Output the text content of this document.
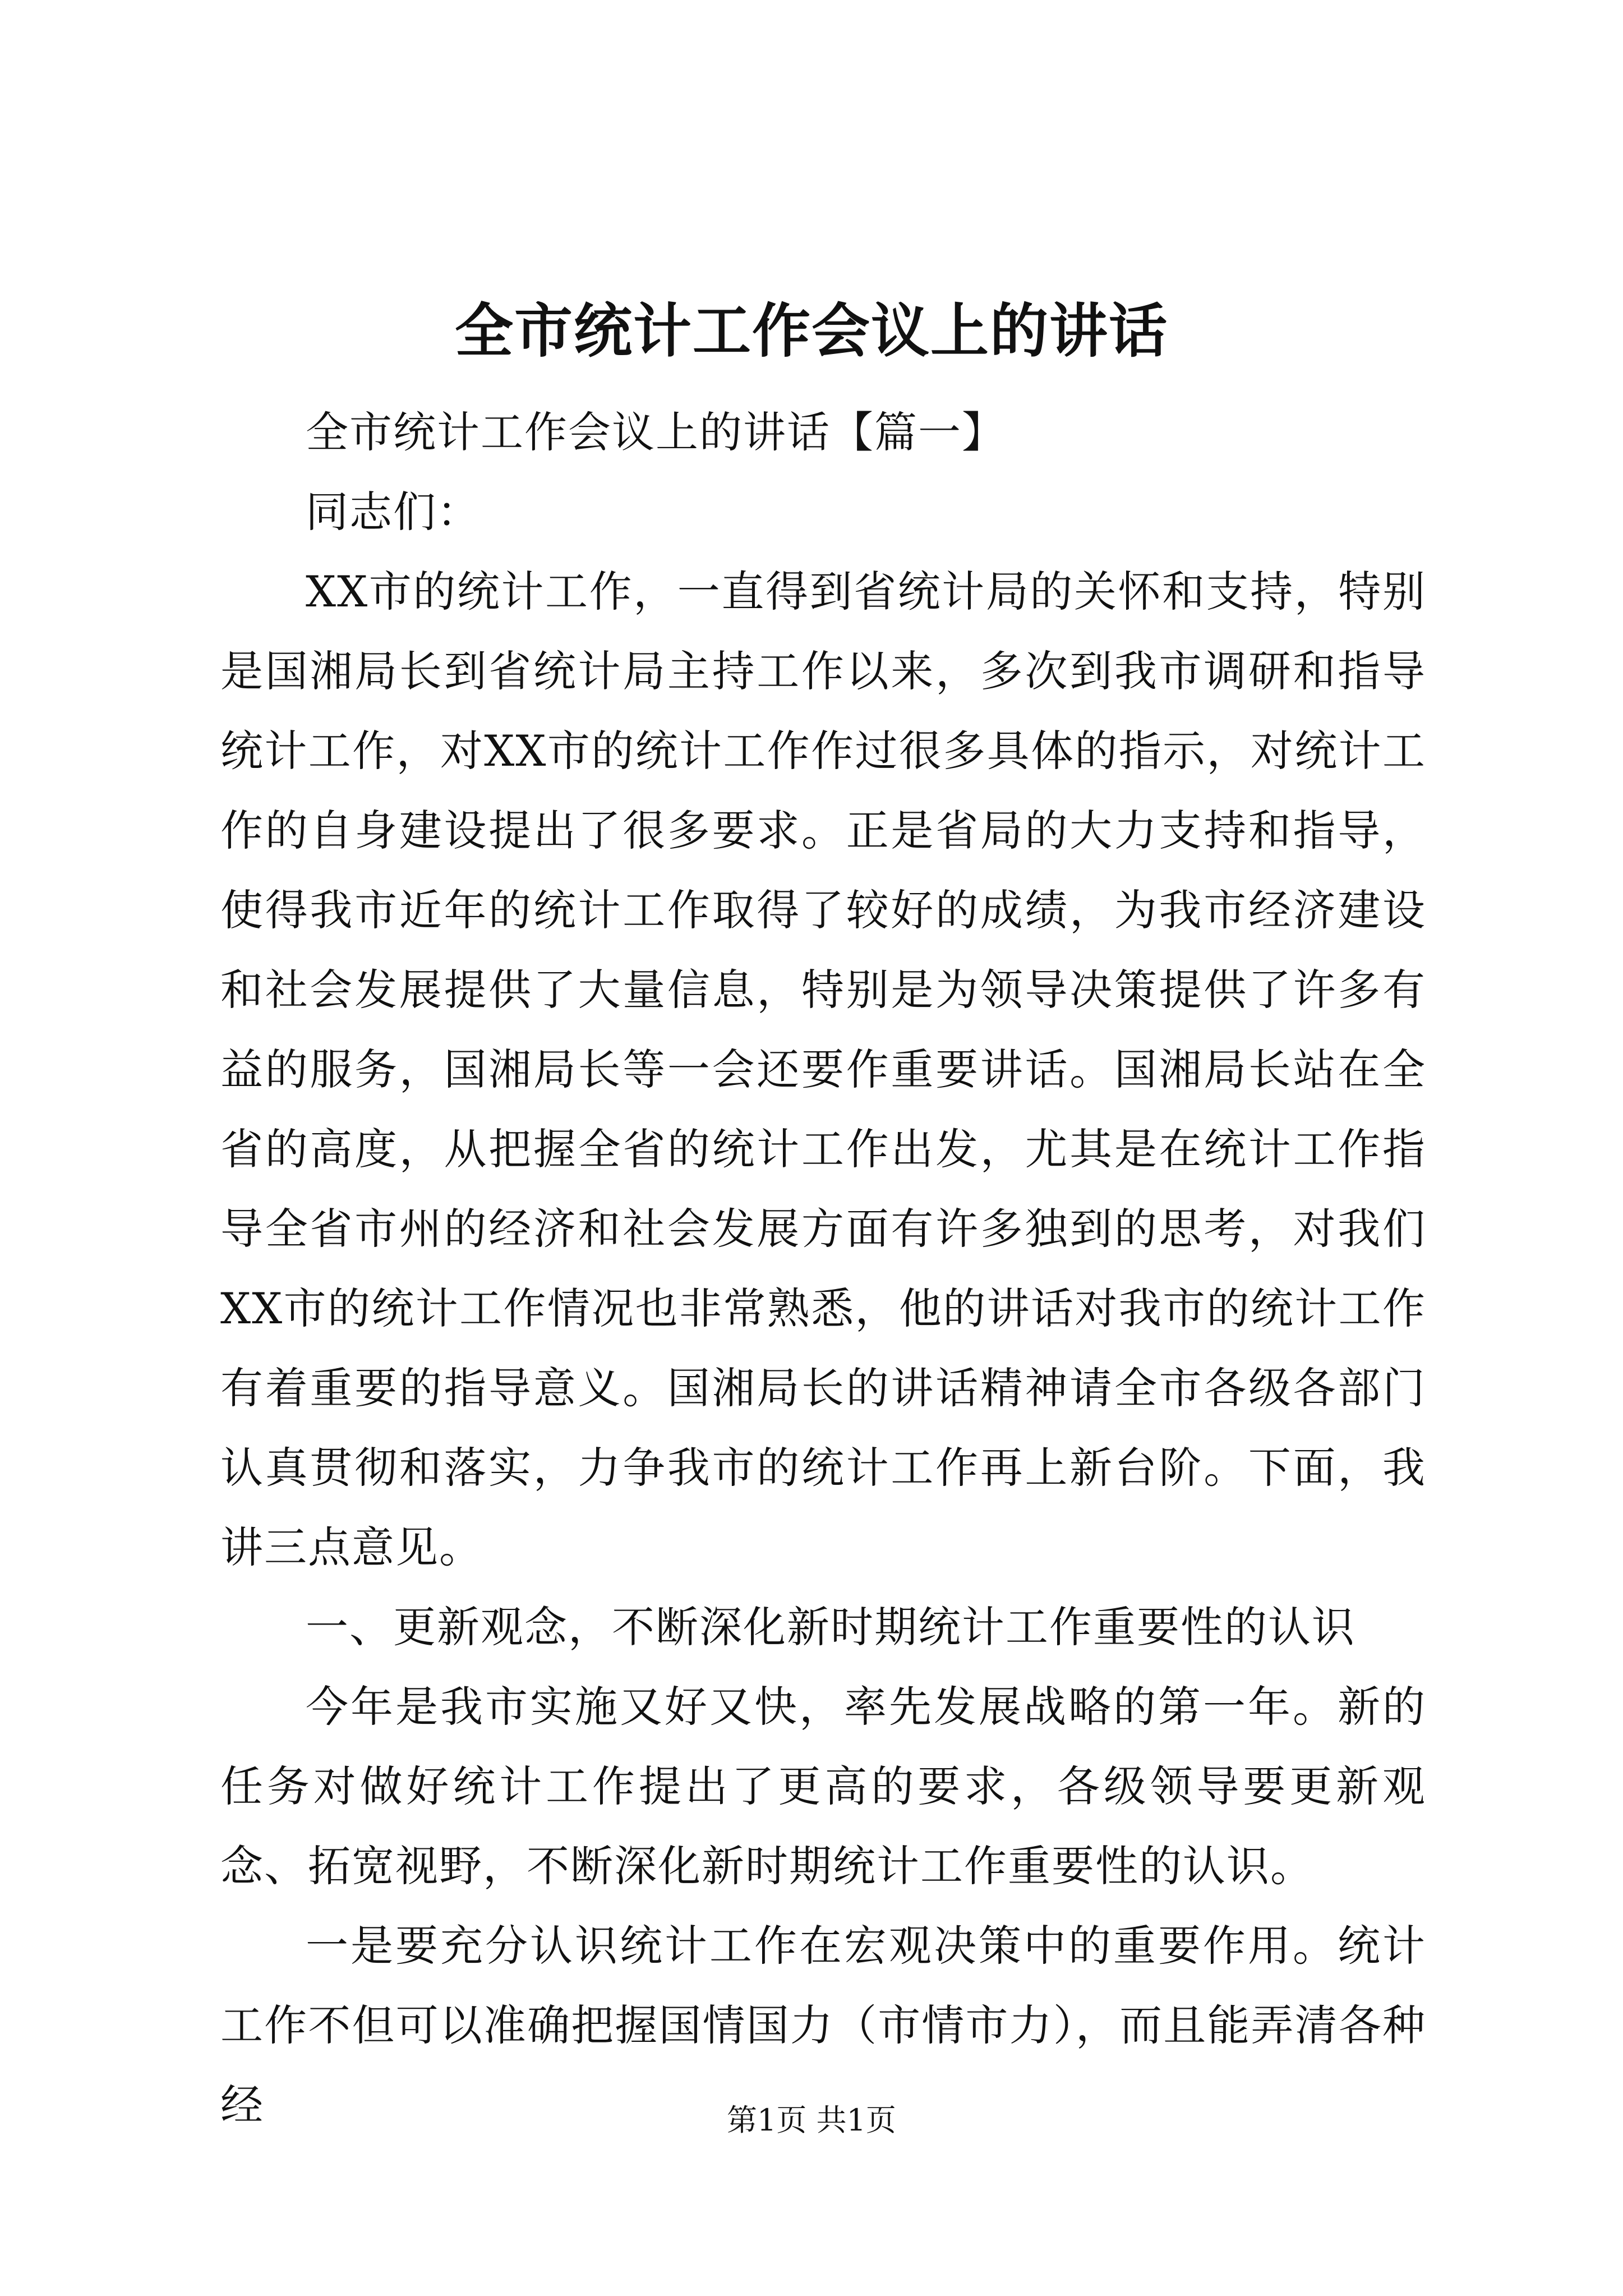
全市统计工作会议上的讲话

全市统计工作会议上的讲话【篇一】

同志们：

XX市的统计工作，一直得到省统计局的关怀和支持，特别是国湘局长到省统计局主持工作以来，多次到我市调研和指导统计工作，对XX市的统计工作作过很多具体的指示，对统计工作的自身建设提出了很多要求。正是省局的大力支持和指导，使得我市近年的统计工作取得了较好的成绩，为我市经济建设和社会发展提供了大量信息，特别是为领导决策提供了许多有益的服务，国湘局长等一会还要作重要讲话。国湘局长站在全省的高度，从把握全省的统计工作出发，尤其是在统计工作指导全省市州的经济和社会发展方面有许多独到的思考，对我们XX市的统计工作情况也非常熟悉，他的讲话对我市的统计工作有着重要的指导意义。国湘局长的讲话精神请全市各级各部门认真贯彻和落实，力争我市的统计工作再上新台阶。下面，我讲三点意见。

一、更新观念，不断深化新时期统计工作重要性的认识

今年是我市实施又好又快，率先发展战略的第一年。新的任务对做好统计工作提出了更高的要求，各级领导要更新观念、拓宽视野，不断深化新时期统计工作重要性的认识。

一是要充分认识统计工作在宏观决策中的重要作用。统计工作不但可以准确把握国情国力（市情市力），而且能弄清各种经	第1页 共1页
